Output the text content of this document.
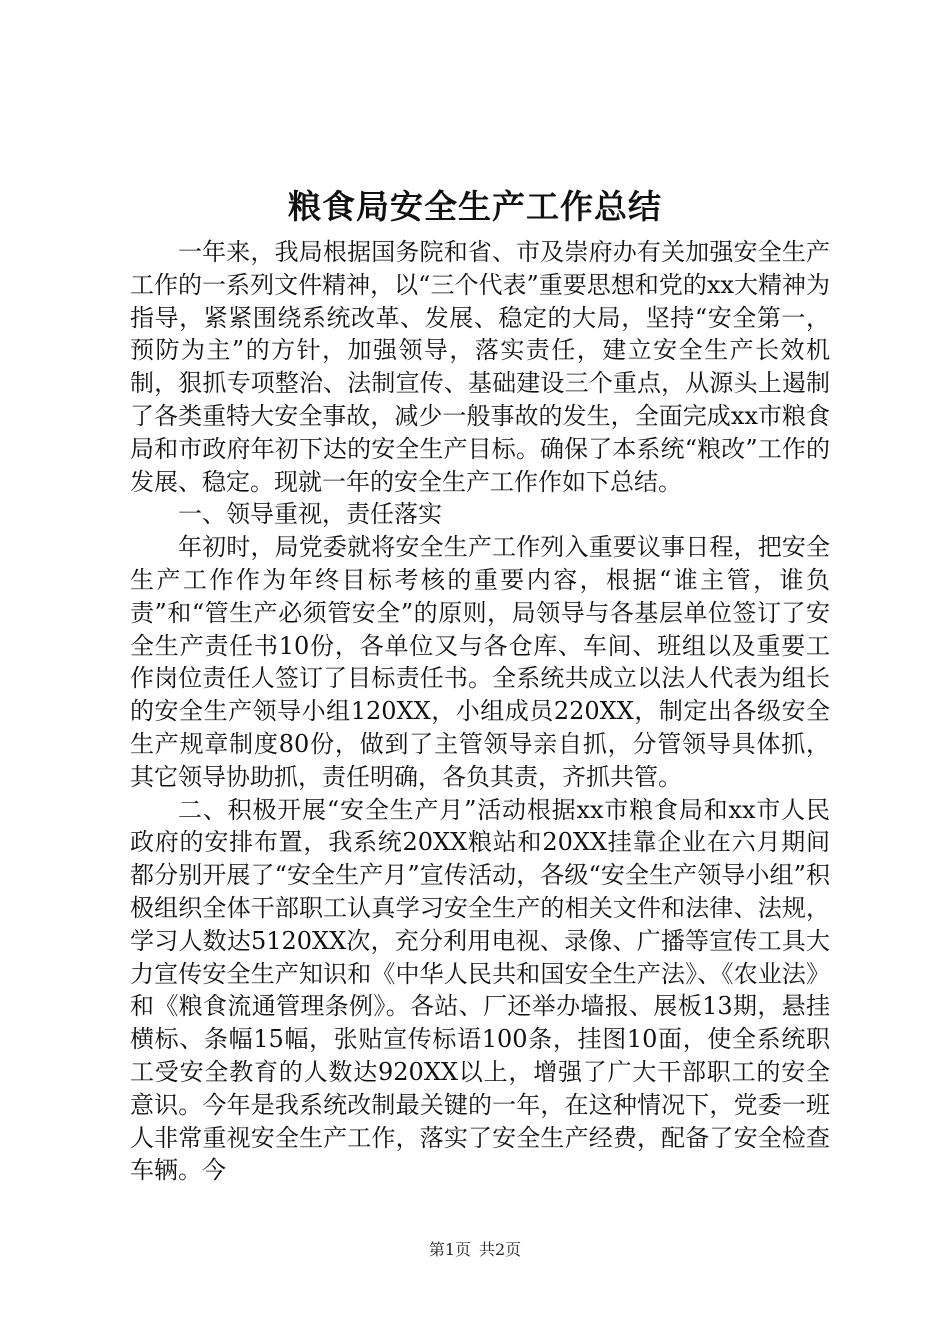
粮食局安全生产工作总结

一年来，我局根据国务院和省、市及崇府办有关加强安全生产工作的一系列文件精神，以“三个代表”重要思想和党的xx大精神为指导，紧紧围绕系统改革、发展、稳定的大局，坚持“安全第一，预防为主”的方针，加强领导，落实责任，建立安全生产长效机制，狠抓专项整治、法制宣传、基础建设三个重点，从源头上遏制了各类重特大安全事故，减少一般事故的发生，全面完成xx市粮食局和市政府年初下达的安全生产目标。确保了本系统“粮改”工作的发展、稳定。现就一年的安全生产工作作如下总结。

一、领导重视，责任落实

年初时，局党委就将安全生产工作列入重要议事日程，把安全生产工作作为年终目标考核的重要内容，根据“谁主管，谁负责”和“管生产必须管安全”的原则，局领导与各基层单位签订了安全生产责任书10份，各单位又与各仓库、车间、班组以及重要工作岗位责任人签订了目标责任书。全系统共成立以法人代表为组长的安全生产领导小组120XX，小组成员220XX，制定出各级安全生产规章制度80份，做到了主管领导亲自抓，分管领导具体抓，其它领导协助抓，责任明确，各负其责，齐抓共管。

二、积极开展“安全生产月”活动根据xx市粮食局和xx市人民政府的安排布置，我系统20XX粮站和20XX挂靠企业在六月期间都分别开展了“安全生产月”宣传活动，各级“安全生产领导小组”积极组织全体干部职工认真学习安全生产的相关文件和法律、法规，学习人数达5120XX次，充分利用电视、录像、广播等宣传工具大力宣传安全生产知识和《中华人民共和国安全生产法》、《农业法》和《粮食流通管理条例》。各站、厂还举办墙报、展板13期，悬挂横标、条幅15幅，张贴宣传标语100条，挂图10面，使全系统职工受安全教育的人数达920XX以上，增强了广大干部职工的安全意识。今年是我系统改制最关键的一年，在这种情况下，党委一班人非常重视安全生产工作，落实了安全生产经费，配备了安全检查车辆。今

第1页 共2页
